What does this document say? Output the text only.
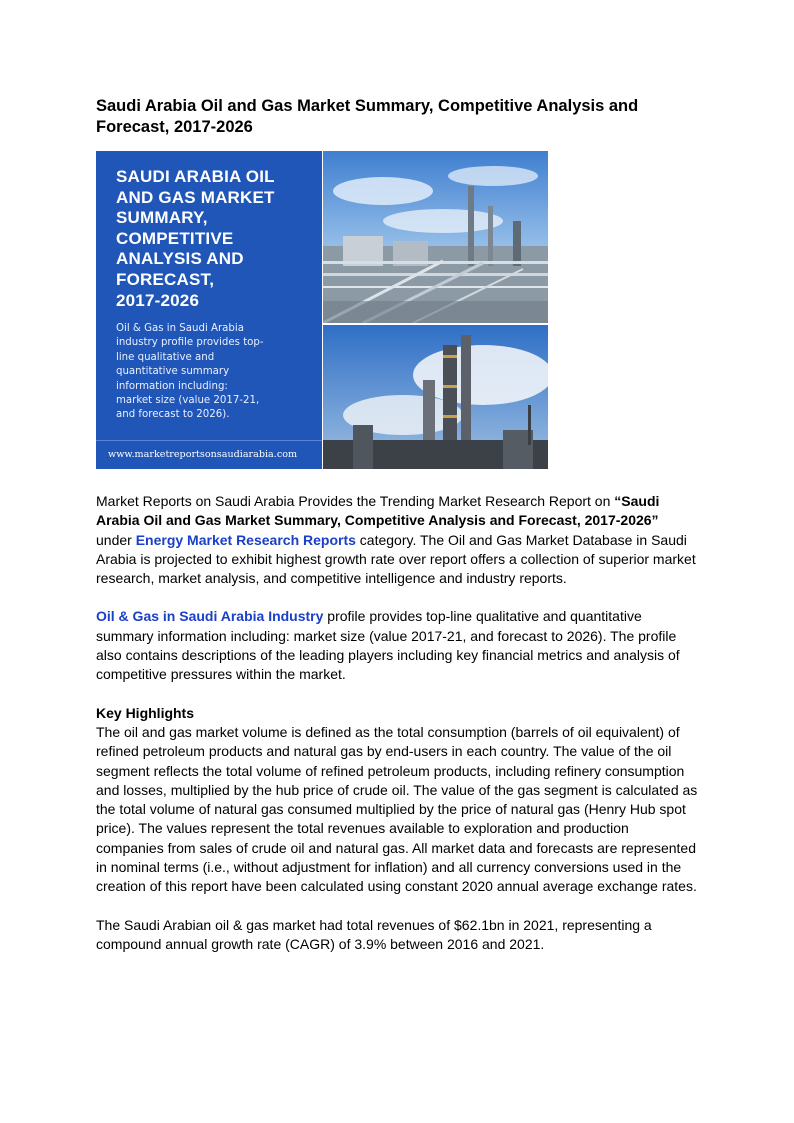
Saudi Arabia Oil and Gas Market Summary, Competitive Analysis and Forecast, 2017-2026
SAUDI ARABIA OIL
AND GAS MARKET
SUMMARY,
COMPETITIVE
ANALYSIS AND
FORECAST,
2017-2026
Oil & Gas in Saudi Arabia
industry profile provides top-
line qualitative and
quantitative summary
information including:
market size (value 2017-21,
and forecast to 2026).
www.marketreportsonsaudiarabia.com

Market Reports on Saudi Arabia Provides the Trending Market Research Report on “Saudi Arabia Oil and Gas Market Summary, Competitive Analysis and Forecast, 2017-2026”
under Energy Market Research Reports category. The Oil and Gas Market Database in Saudi Arabia is projected to exhibit highest growth rate over report offers a collection of superior market research, market analysis, and competitive intelligence and industry reports.

Oil & Gas in Saudi Arabia Industry profile provides top-line qualitative and quantitative summary information including: market size (value 2017-21, and forecast to 2026). The profile also contains descriptions of the leading players including key financial metrics and analysis of competitive pressures within the market.

Key Highlights
The oil and gas market volume is defined as the total consumption (barrels of oil equivalent) of refined petroleum products and natural gas by end-users in each country. The value of the oil segment reflects the total volume of refined petroleum products, including refinery consumption and losses, multiplied by the hub price of crude oil. The value of the gas segment is calculated as the total volume of natural gas consumed multiplied by the price of natural gas (Henry Hub spot price). The values represent the total revenues available to exploration and production companies from sales of crude oil and natural gas. All market data and forecasts are represented in nominal terms (i.e., without adjustment for inflation) and all currency conversions used in the creation of this report have been calculated using constant 2020 annual average exchange rates.

The Saudi Arabian oil & gas market had total revenues of $62.1bn in 2021, representing a compound annual growth rate (CAGR) of 3.9% between 2016 and 2021.
